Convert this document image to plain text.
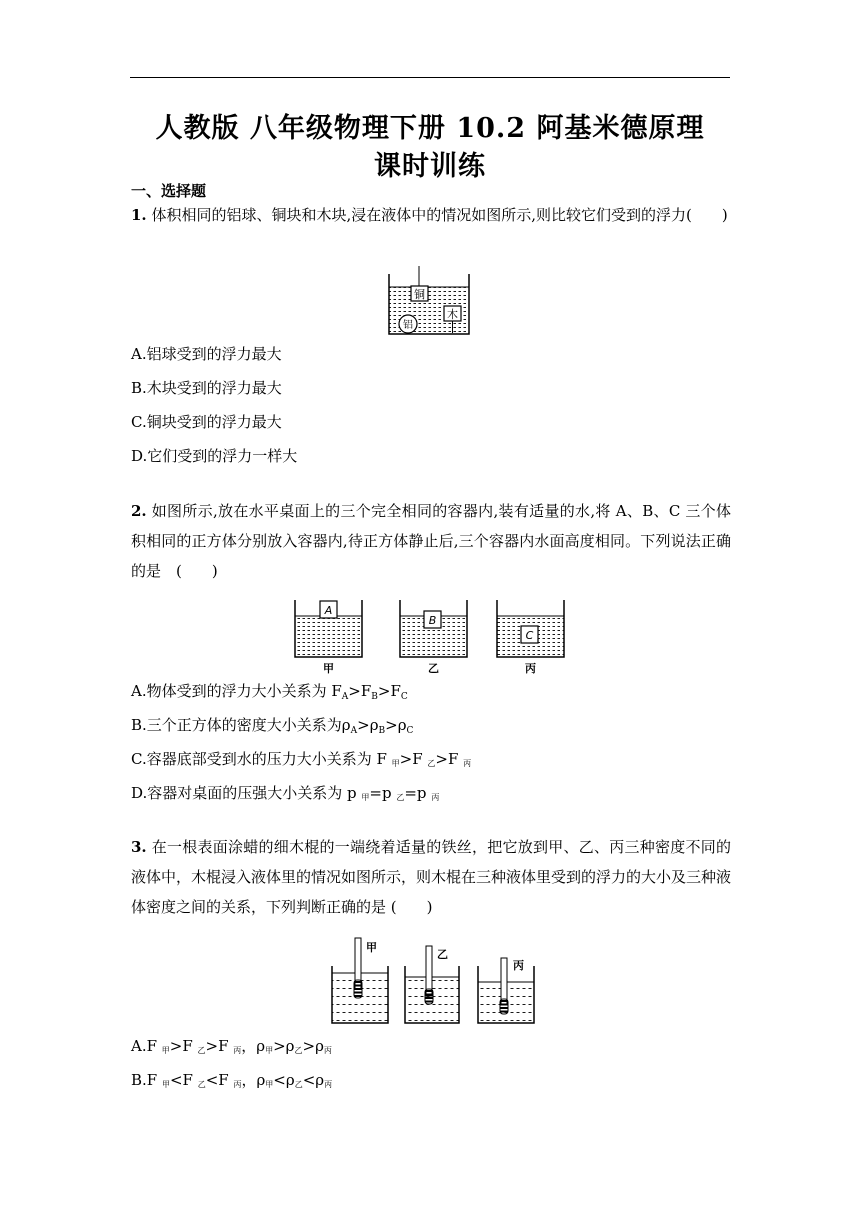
人教版 八年级物理下册 10.2 阿基米德原理
课时训练
一、选择题
1. 体积相同的铝球、铜块和木块,浸在液体中的情况如图所示,则比较它们受到的浮力(　　)
铜
铝
木
A.铝球受到的浮力最大
B.木块受到的浮力最大
C.铜块受到的浮力最大
D.它们受到的浮力一样大
2. 如图所示,放在水平桌面上的三个完全相同的容器内,装有适量的水,将 A、B、C 三个体积相同的正方体分别放入容器内,待正方体静止后,三个容器内水面高度相同。下列说法正确的是　(　　)
A
甲
B
乙
C
丙
A.物体受到的浮力大小关系为 $F_A>F_B>F_C$
B.三个正方体的密度大小关系为$\rho_A>\rho_B>\rho_C$
C.容器底部受到水的压力大小关系为 F $_甲$>F $_乙$>F $_丙$
D.容器对桌面的压强大小关系为 p $_甲$=p $_乙$=p $_丙$
3. 在一根表面涂蜡的细木棍的一端绕着适量的铁丝，把它放到甲、乙、丙三种密度不同的液体中，木棍浸入液体里的情况如图所示，则木棍在三种液体里受到的浮力的大小及三种液体密度之间的关系，下列判断正确的是 (　　)
甲
乙
丙
A.F $_甲$>F $_乙$>F $_丙$，$\rho_甲>\rho_乙>\rho_丙$
B.F $_甲$<F $_乙$<F $_丙$，$\rho_甲<\rho_乙<\rho_丙$
